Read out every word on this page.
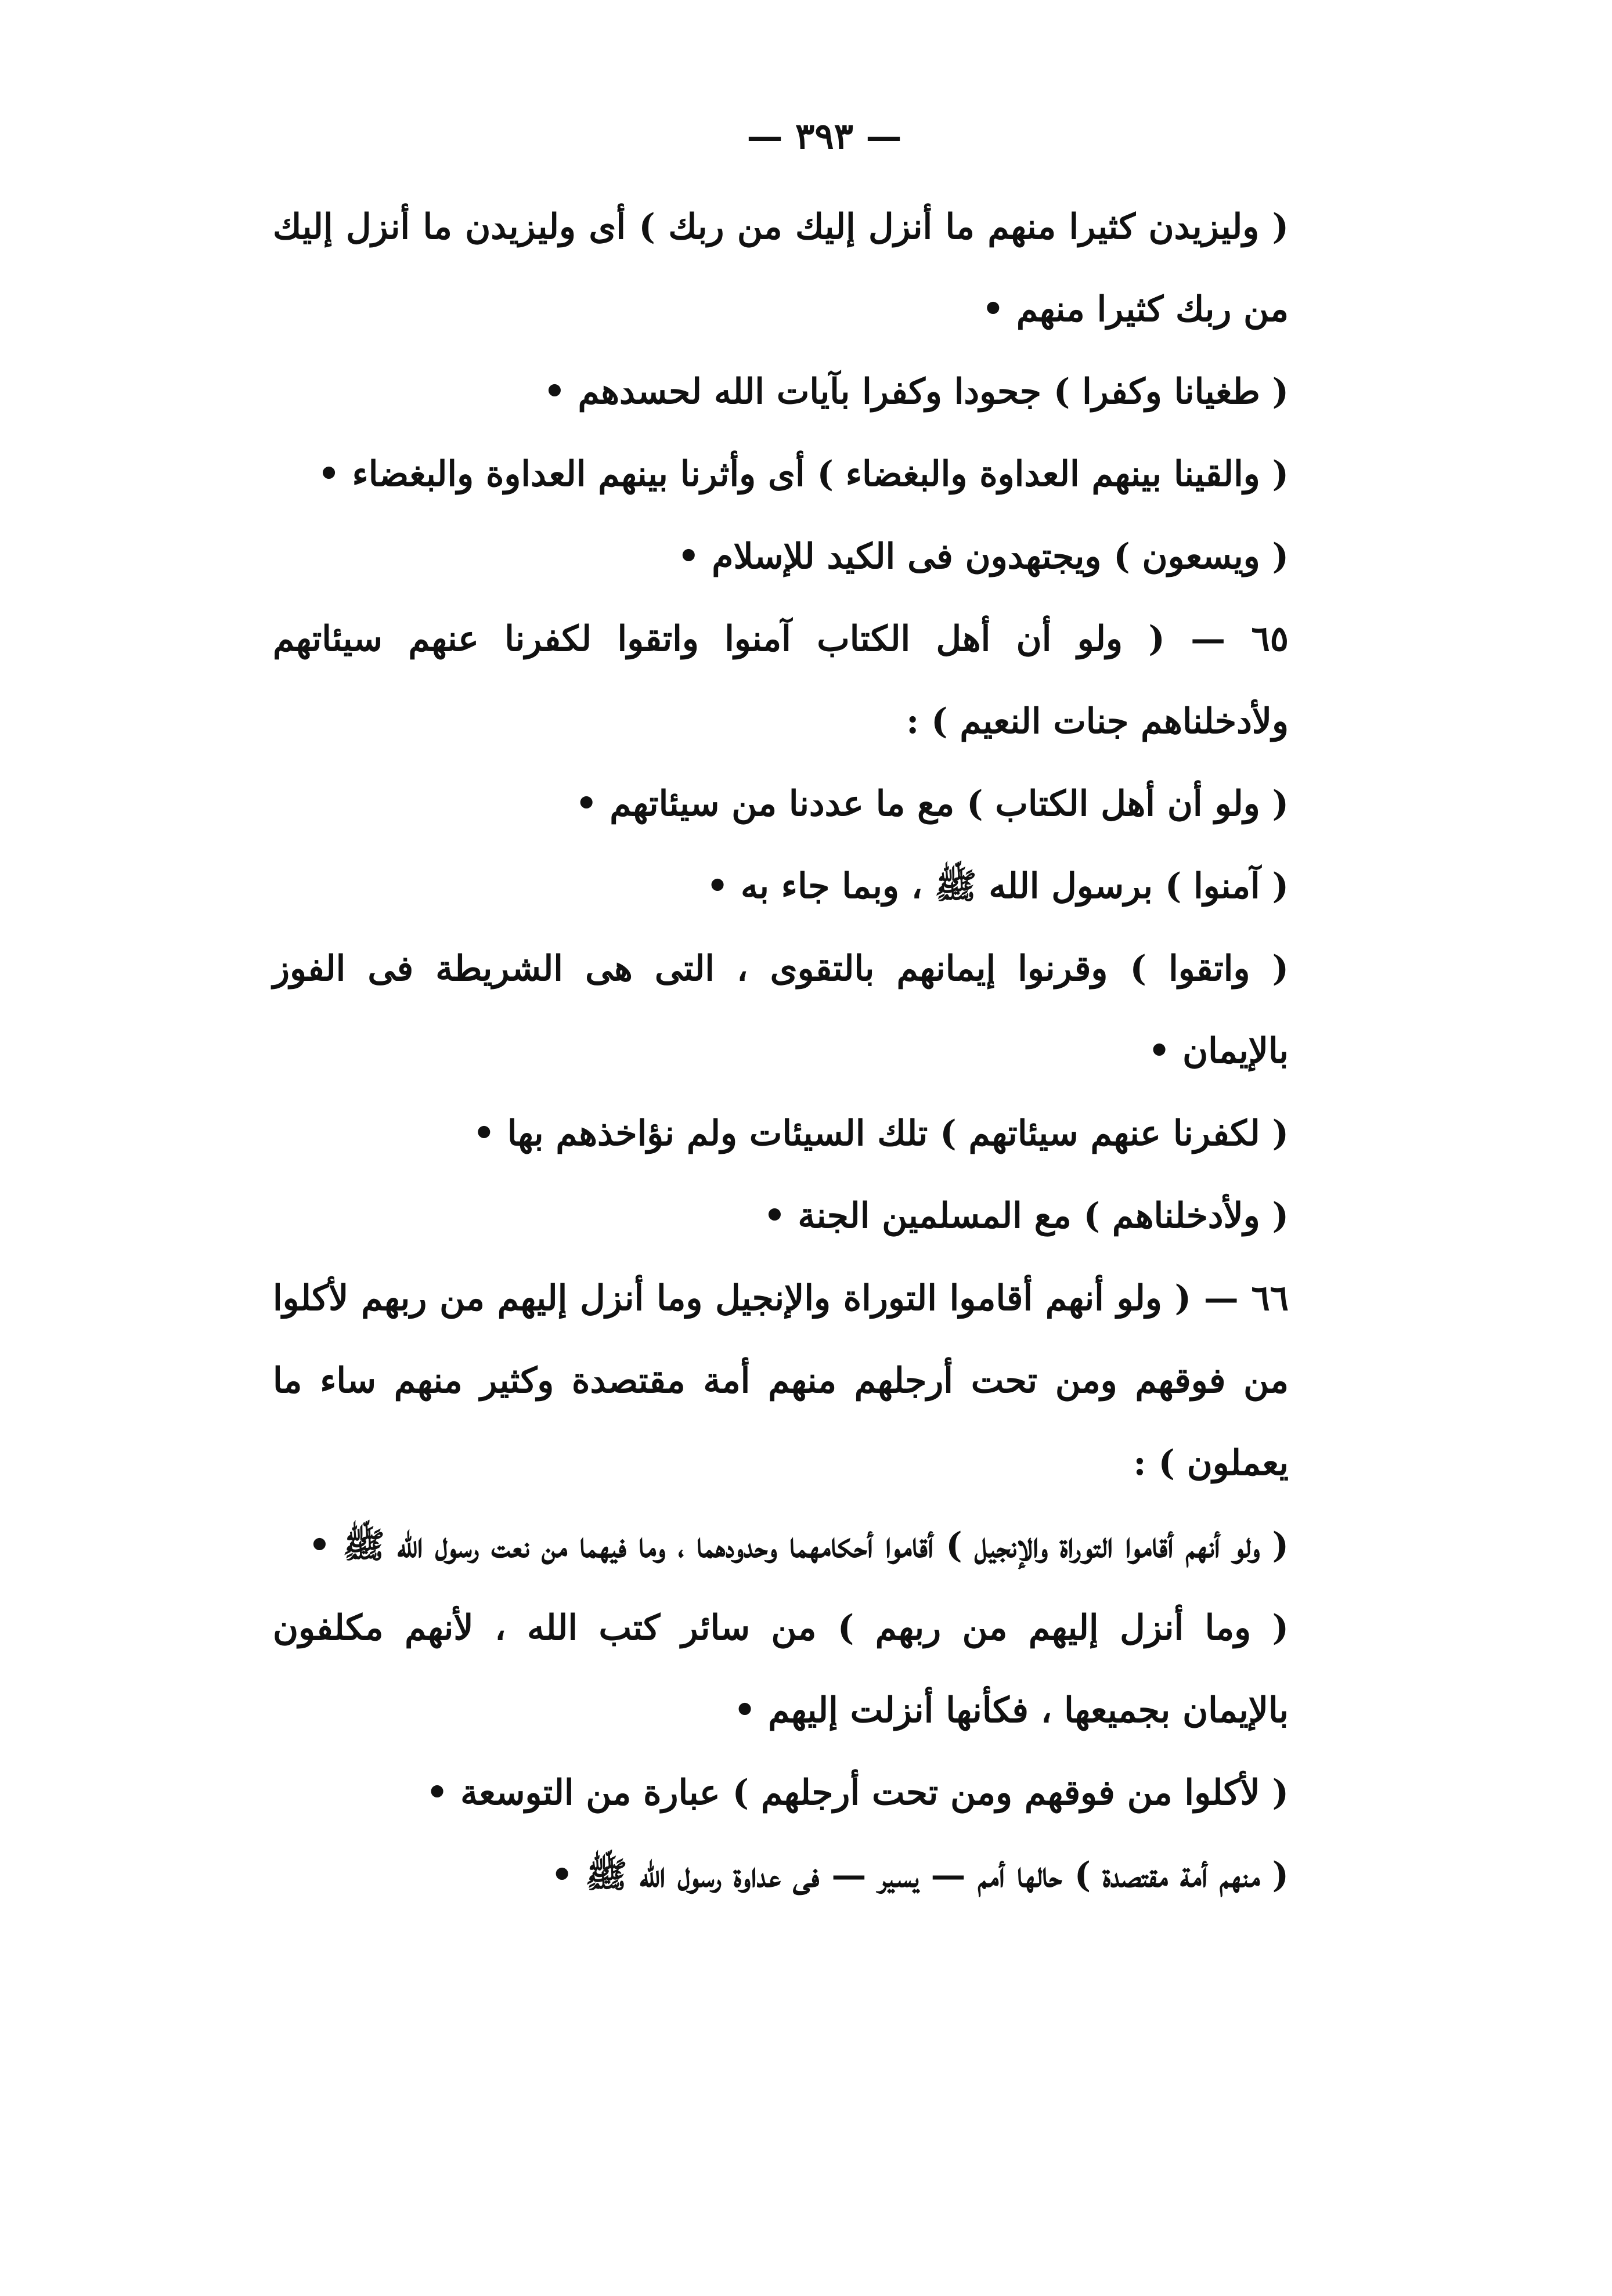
— ٣٩٣ —

( وليزيدن كثيرا منهم ما أنزل إليك من ربك ) أى وليزيدن ما أنزل إليك من ربك كثيرا منهم •

( طغيانا وكفرا ) جحودا وكفرا بآيات الله لحسدهم •

( والقينا بينهم العداوة والبغضاء ) أى وأثرنا بينهم العداوة والبغضاء •

( ويسعون ) ويجتهدون فى الكيد للإسلام •

٦٥ — ( ولو أن أهل الكتاب آمنوا واتقوا لكفرنا عنهم سيئاتهم ولأدخلناهم جنات النعيم ) :

( ولو أن أهل الكتاب ) مع ما عددنا من سيئاتهم •

( آمنوا ) برسول الله ﷺ ، وبما جاء به •

( واتقوا ) وقرنوا إيمانهم بالتقوى ، التى هى الشريطة فى الفوز بالإيمان •

( لكفرنا عنهم سيئاتهم ) تلك السيئات ولم نؤاخذهم بها •

( ولأدخلناهم ) مع المسلمين الجنة •

٦٦ — ( ولو أنهم أقاموا التوراة والإنجيل وما أنزل إليهم من ربهم لأكلوا من فوقهم ومن تحت أرجلهم منهم أمة مقتصدة وكثير منهم ساء ما يعملون ) :

( ولو أنهم أقاموا التوراة والإنجيل ) أقاموا أحكامهما وحدودهما ، وما فيهما من نعت رسول الله ﷺ •

( وما أنزل إليهم من ربهم ) من سائر كتب الله ، لأنهم مكلفون بالإيمان بجميعها ، فكأنها أنزلت إليهم •

( لأكلوا من فوقهم ومن تحت أرجلهم ) عبارة من التوسعة •

( منهم أمة مقتصدة ) حالها أمم — يسير — فى عداوة رسول الله ﷺ •
